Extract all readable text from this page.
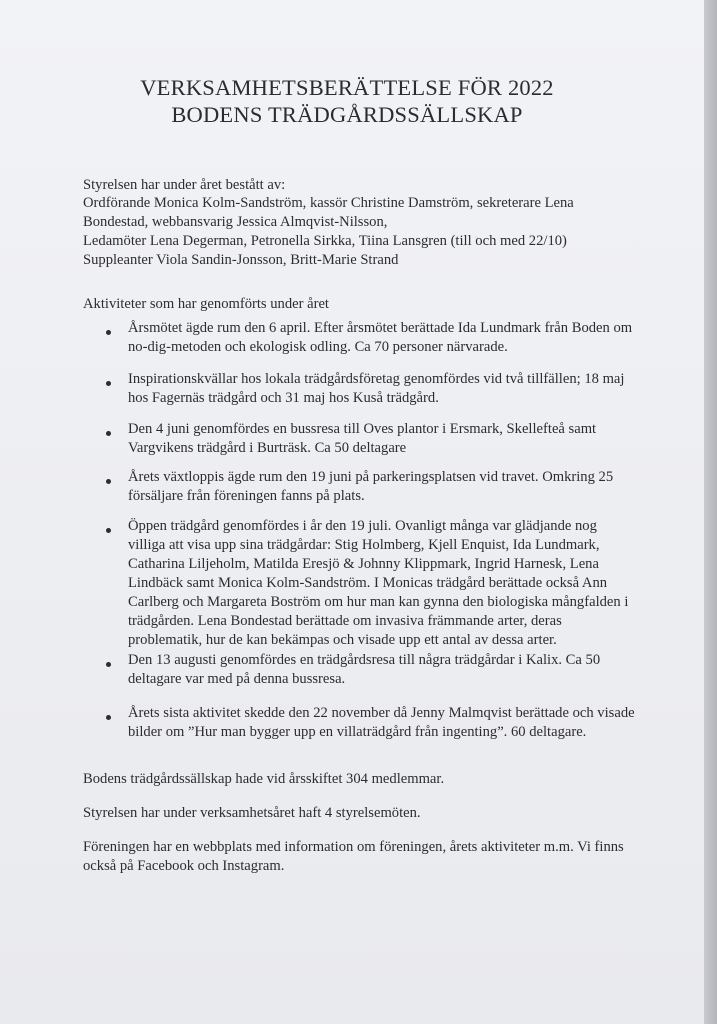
VERKSAMHETSBERÄTTELSE FÖR 2022
BODENS TRÄDGÅRDSSÄLLSKAP
Styrelsen har under året bestått av:
Ordförande Monica Kolm-Sandström, kassör Christine Damström, sekreterare Lena
Bondestad, webbansvarig Jessica Almqvist-Nilsson,
Ledamöter Lena Degerman, Petronella Sirkka, Tiina Lansgren (till och med 22/10)
Suppleanter Viola Sandin-Jonsson, Britt-Marie Strand
Aktiviteter som har genomförts under året
Årsmötet ägde rum den 6 april. Efter årsmötet berättade Ida Lundmark från Boden om
no-dig-metoden och ekologisk odling. Ca 70 personer närvarade.
Inspirationskvällar hos lokala trädgårdsföretag genomfördes vid två tillfällen; 18 maj
hos Fagernäs trädgård och 31 maj hos Kuså trädgård.
Den 4 juni genomfördes en bussresa till Oves plantor i Ersmark, Skellefteå samt
Vargvikens trädgård i Burträsk. Ca 50 deltagare
Årets växtloppis ägde rum den 19 juni på parkeringsplatsen vid travet. Omkring 25
försäljare från föreningen fanns på plats.
Öppen trädgård genomfördes i år den 19 juli. Ovanligt många var glädjande nog
villiga att visa upp sina trädgårdar: Stig Holmberg, Kjell Enquist, Ida Lundmark,
Catharina Liljeholm, Matilda Eresjö & Johnny Klippmark, Ingrid Harnesk, Lena
Lindbäck samt Monica Kolm-Sandström. I Monicas trädgård berättade också Ann
Carlberg och Margareta Boström om hur man kan gynna den biologiska mångfalden i
trädgården. Lena Bondestad berättade om invasiva främmande arter, deras
problematik, hur de kan bekämpas och visade upp ett antal av dessa arter.
Den 13 augusti genomfördes en trädgårdsresa till några trädgårdar i Kalix. Ca 50
deltagare var med på denna bussresa.
Årets sista aktivitet skedde den 22 november då Jenny Malmqvist berättade och visade
bilder om ”Hur man bygger upp en villaträdgård från ingenting”. 60 deltagare.
Bodens trädgårdssällskap hade vid årsskiftet 304 medlemmar.
Styrelsen har under verksamhetsåret haft 4 styrelsemöten.
Föreningen har en webbplats med information om föreningen, årets aktiviteter m.m. Vi finns
också på Facebook och Instagram.
